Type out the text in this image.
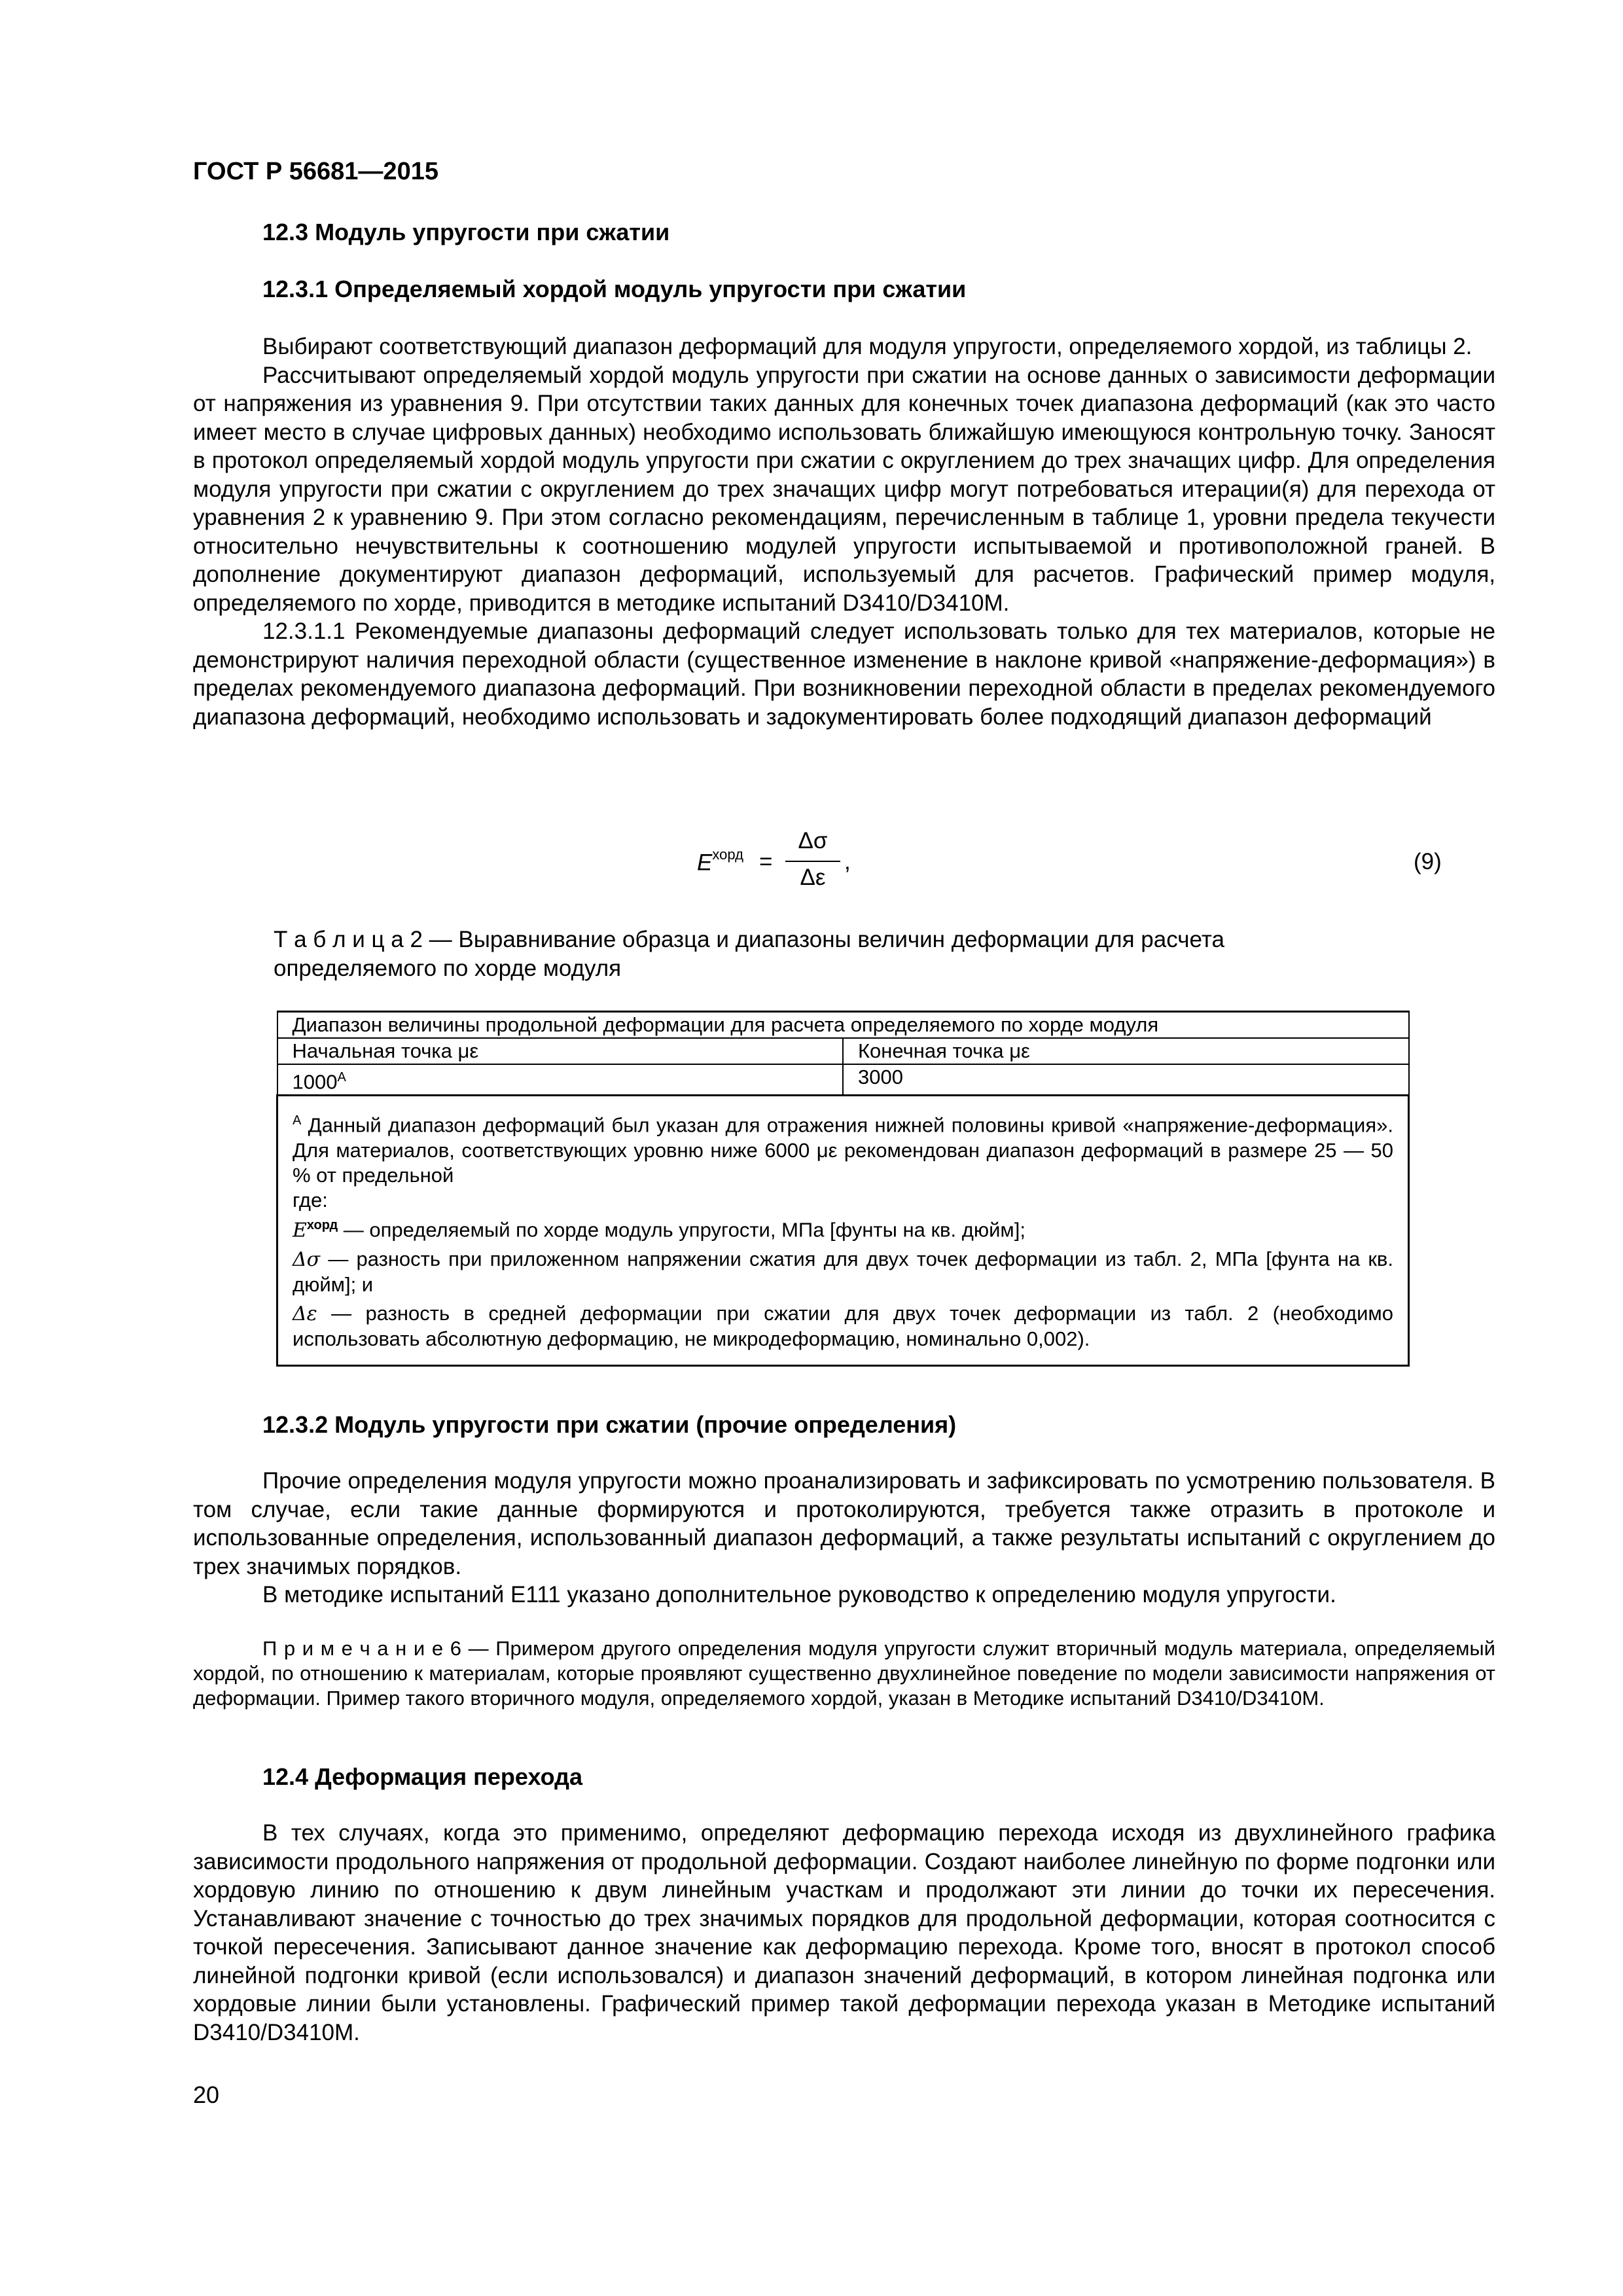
ГОСТ Р 56681—2015
12.3 Модуль упругости при сжатии
12.3.1 Определяемый хордой модуль упругости при сжатии

Выбирают соответствующий диапазон деформаций для модуля упругости, определяемого хордой, из таблицы 2.

Рассчитывают определяемый хордой модуль упругости при сжатии на основе данных о зависимости деформации от напряжения из уравнения 9. При отсутствии таких данных для конечных точек диапазона деформаций (как это часто имеет место в случае цифровых данных) необходимо использовать ближайшую имеющуюся контрольную точку. Заносят в протокол определяемый хордой модуль упругости при сжатии с округлением до трех значащих цифр. Для определения модуля упругости при сжатии с округлением до трех значащих цифр могут потребоваться итерации(я) для перехода от уравнения 2 к уравнению 9. При этом согласно рекомендациям, перечисленным в таблице 1, уровни предела текучести относительно нечувствительны к соотношению модулей упругости испытываемой и противоположной граней. В дополнение документируют диапазон деформаций, используемый для расчетов. Графический пример модуля, определяемого по хорде, приводится в методике испытаний D3410/D3410M.

12.3.1.1 Рекомендуемые диапазоны деформаций следует использовать только для тех материалов, которые не демонстрируют наличия переходной области (существенное изменение в наклоне кривой «напряжение-деформация») в пределах рекомендуемого диапазона деформаций. При возникновении переходной области в пределах рекомендуемого диапазона деформаций, необходимо использовать и задокументировать более подходящий диапазон деформаций

$E^{хорд}$ =
Δσ
Δε
,	(9)
Т а б л и ц а 2 — Выравнивание образца и диапазоны величин деформации для расчета определяемого по хорде модуля
Диапазон величины продольной деформации для расчета определяемого по хорде модуля	
Начальная точка με	Конечная точка με
$1000^A$	3000

$^A$ Данный диапазон деформаций был указан для отражения нижней половины кривой «напряжение-деформация». Для материалов, соответствующих уровню ниже 6000 με рекомендован диапазон деформаций в размере 25 — 50 % от предельной

где:

$E^{хорд}$ — определяемый по хорде модуль упругости, МПа [фунты на кв. дюйм];

Δσ — разность при приложенном напряжении сжатия для двух точек деформации из табл. 2, МПа [фунта на кв. дюйм]; и

Δε — разность в средней деформации при сжатии для двух точек деформации из табл. 2 (необходимо использовать абсолютную деформацию, не микродеформацию, номинально 0,002).	

12.3.2 Модуль упругости при сжатии (прочие определения)

Прочие определения модуля упругости можно проанализировать и зафиксировать по усмотрению пользователя. В том случае, если такие данные формируются и протоколируются, требуется также отразить в протоколе и использованные определения, использованный диапазон деформаций, а также результаты испытаний с округлением до трех значимых порядков.

В методике испытаний E111 указано дополнительное руководство к определению модуля упругости.

П р и м е ч а н и е 6 — Примером другого определения модуля упругости служит вторичный модуль материала, определяемый хордой, по отношению к материалам, которые проявляют существенно двухлинейное поведение по модели зависимости напряжения от деформации. Пример такого вторичного модуля, определяемого хордой, указан в Методике испытаний D3410/D3410M.

12.4 Деформация перехода

В тех случаях, когда это применимо, определяют деформацию перехода исходя из двухлинейного графика зависимости продольного напряжения от продольной деформации. Создают наиболее линейную по форме подгонки или хордовую линию по отношению к двум линейным участкам и продолжают эти линии до точки их пересечения. Устанавливают значение с точностью до трех значимых порядков для продольной деформации, которая соотносится с точкой пересечения. Записывают данное значение как деформацию перехода. Кроме того, вносят в протокол способ линейной подгонки кривой (если использовался) и диапазон значений деформаций, в котором линейная подгонка или хордовые линии были установлены. Графический пример такой деформации перехода указан в Методике испытаний D3410/D3410M.

20
